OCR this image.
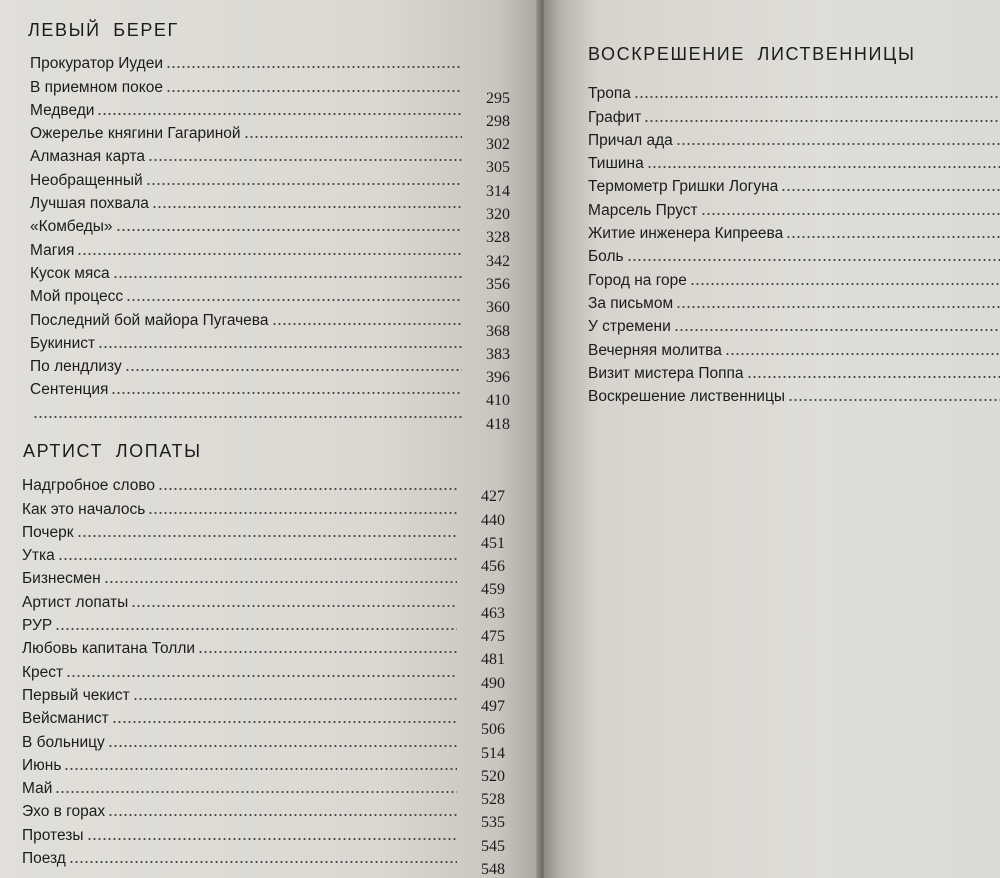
ЛЕВЫЙ БЕРЕГ
Прокуратор Иудеи
В приемном покое
295
Медведи
298
Ожерелье княгини Гагариной
302
Алмазная карта
305
Необращенный
314
Лучшая похвала
320
«Комбеды»
328
Магия
342
Кусок мяса
356
Мой процесс
360
Последний бой майора Пугачева
368
Букинист
383
По лендлизу
396
Сентенция
410
418
АРТИСТ ЛОПАТЫ
Надгробное слово
427
Как это началось
440
Почерк
451
Утка
456
Бизнесмен
459
Артист лопаты
463
РУР
475
Любовь капитана Толли
481
Крест
490
Первый чекист
497
Вейсманист
506
В больницу
514
Июнь
520
Май
528
Эхо в горах
535
Протезы
545
Поезд
548
ВОСКРЕШЕНИЕ ЛИСТВЕННИЦЫ
Тропа
Графит
Причал ада
Тишина
Термометр Гришки Логуна
Марсель Пруст
Житие инженера Кипреева
Боль
Город на горе
За письмом
У стремени
Вечерняя молитва
Визит мистера Поппа
Воскрешение лиственницы
